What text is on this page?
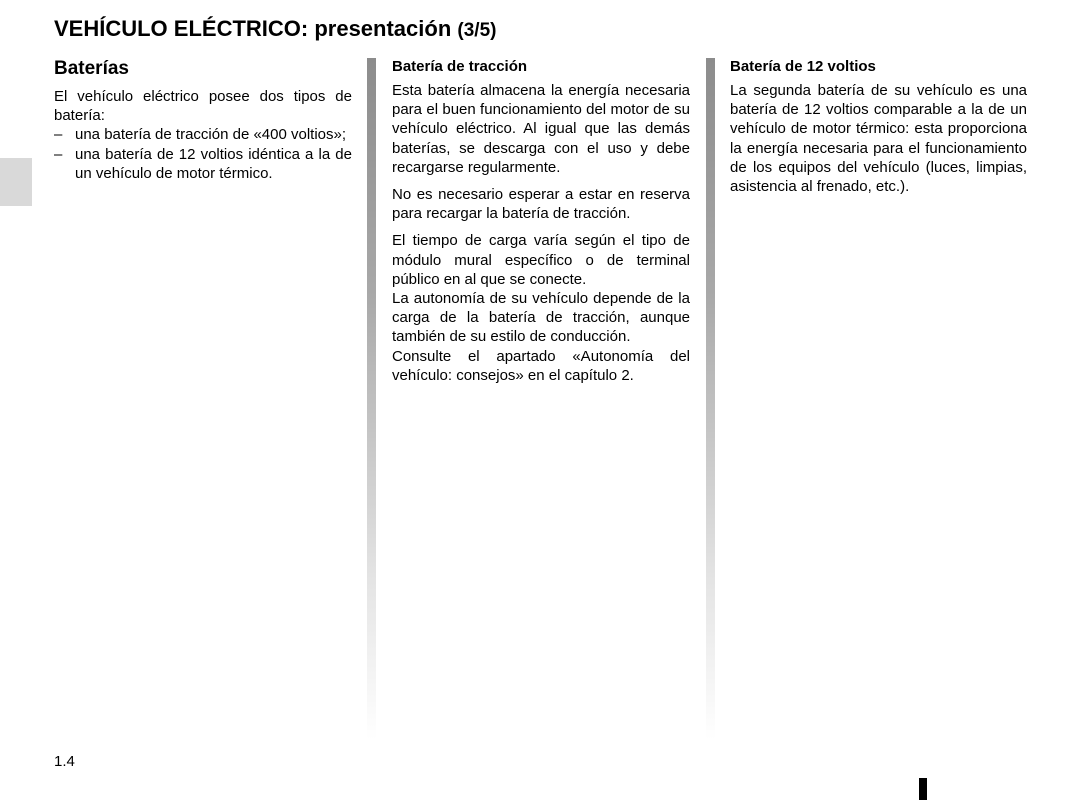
VEHÍCULO ELÉCTRICO: presentación (3/5)
Baterías

El vehículo eléctrico posee dos tipos de batería:

– una batería de tracción de «400 voltios»;
– una batería de 12 voltios idéntica a la de un vehículo de motor térmico.
Batería de tracción

Esta batería almacena la energía necesaria para el buen funcionamiento del motor de su vehículo eléctrico. Al igual que las demás baterías, se descarga con el uso y debe recargarse regularmente.

No es necesario esperar a estar en reserva para recargar la batería de tracción.

El tiempo de carga varía según el tipo de módulo mural específico o de terminal público en al que se conecte.

La autonomía de su vehículo depende de la carga de la batería de tracción, aunque también de su estilo de conducción.

Consulte el apartado «Autonomía del vehículo: consejos» en el capítulo 2.

Batería de 12 voltios

La segunda batería de su vehículo es una batería de 12 voltios comparable a la de un vehículo de motor térmico: esta proporciona la energía necesaria para el funcionamiento de los equipos del vehículo (luces, limpias, asistencia al frenado, etc.).

1.4
